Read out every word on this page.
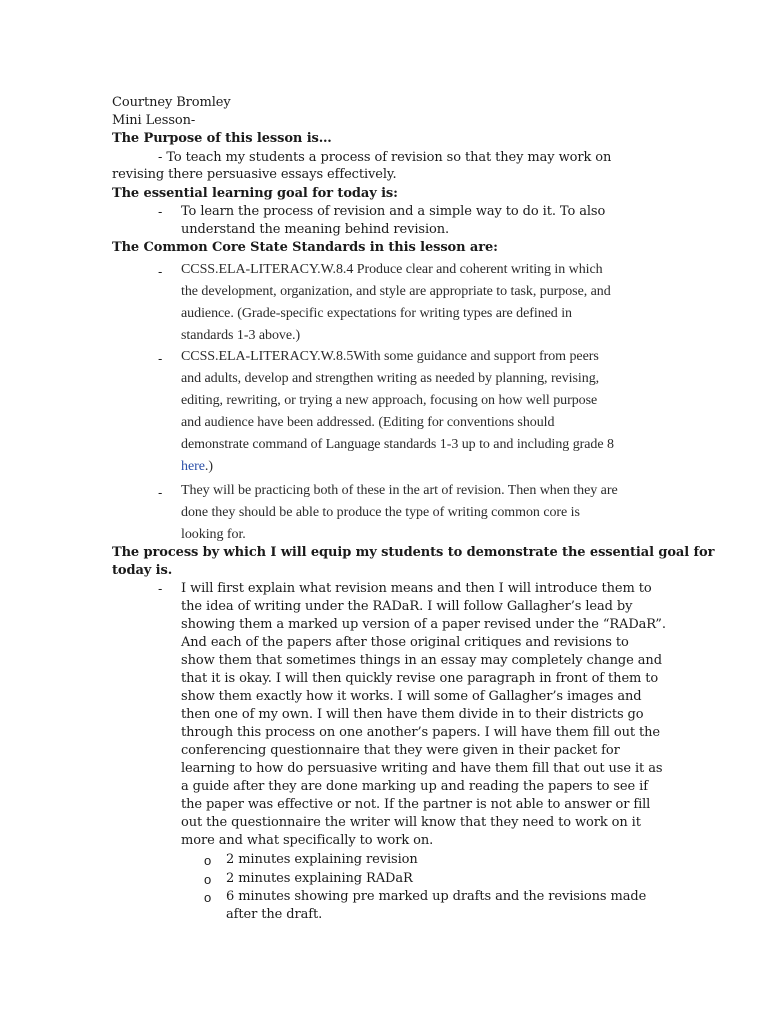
Courtney Bromley
Mini Lesson-
The Purpose of this lesson is…
- To teach my students a process of revision so that they may work on
revising there persuasive essays effectively.
The essential learning goal for today is:
- To learn the process of revision and a simple way to do it. To also
understand the meaning behind revision.
The Common Core State Standards in this lesson are:
- CCSS.ELA-LITERACY.W.8.4 Produce clear and coherent writing in which
the development, organization, and style are appropriate to task, purpose, and
audience. (Grade-specific expectations for writing types are defined in
standards 1-3 above.)
- CCSS.ELA-LITERACY.W.8.5With some guidance and support from peers
and adults, develop and strengthen writing as needed by planning, revising,
editing, rewriting, or trying a new approach, focusing on how well purpose
and audience have been addressed. (Editing for conventions should
demonstrate command of Language standards 1-3 up to and including grade 8
here.)
- They will be practicing both of these in the art of revision. Then when they are
done they should be able to produce the type of writing common core is
looking for.
The process by which I will equip my students to demonstrate the essential goal for
today is.
- I will first explain what revision means and then I will introduce them to
the idea of writing under the RADaR. I will follow Gallagher’s lead by
showing them a marked up version of a paper revised under the “RADaR”.
And each of the papers after those original critiques and revisions to
show them that sometimes things in an essay may completely change and
that it is okay. I will then quickly revise one paragraph in front of them to
show them exactly how it works. I will some of Gallagher’s images and
then one of my own. I will then have them divide in to their districts go
through this process on one another’s papers. I will have them fill out the
conferencing questionnaire that they were given in their packet for
learning to how do persuasive writing and have them fill that out use it as
a guide after they are done marking up and reading the papers to see if
the paper was effective or not. If the partner is not able to answer or fill
out the questionnaire the writer will know that they need to work on it
more and what specifically to work on.
o 2 minutes explaining revision
o 2 minutes explaining RADaR
o 6 minutes showing pre marked up drafts and the revisions made
after the draft.
